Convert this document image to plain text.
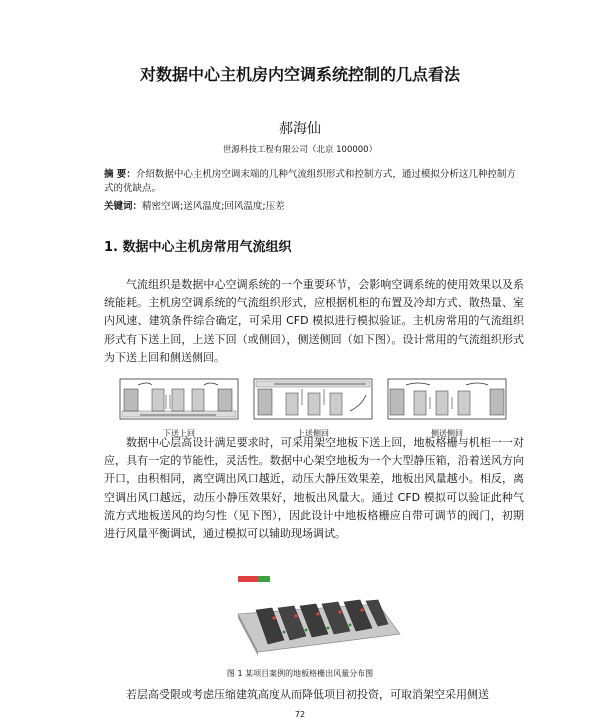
对数据中心主机房内空调系统控制的几点看法
郝海仙
世源科技工程有限公司（北京 100000）
摘 要：介绍数据中心主机房空调末端的几种气流组织形式和控制方式，通过模拟分析这几种控制方式的优缺点。
关键词：精密空调;送风温度;回风温度;压差
1. 数据中心主机房常用气流组织
气流组织是数据中心空调系统的一个重要环节，会影响空调系统的使用效果以及系统能耗。主机房空调系统的气流组织形式，应根据机柜的布置及冷却方式、散热量、室内风速、建筑条件综合确定，可采用 CFD 模拟进行模拟验证。主机房常用的气流组织形式有下送上回，上送下回（或侧回），侧送侧回（如下图）。设计常用的气流组织形式为下送上回和侧送侧回。
下送上回	上送侧回	侧送侧回
数据中心层高设计满足要求时，可采用架空地板下送上回，地板格栅与机柜一一对应，具有一定的节能性，灵活性。数据中心架空地板为一个大型静压箱，沿着送风方向开口，由积相同，离空调出风口越近，动压大静压效果差，地板出风量越小。相反，离空调出风口越远，动压小静压效果好，地板出风量大。通过 CFD 模拟可以验证此种气流方式地板送风的均匀性（见下图），因此设计中地板格栅应自带可调节的阀门，初期进行风量平衡调试，通过模拟可以辅助现场调试。
图 1 某项目案例的地板格栅出风量分布图
若层高受限或考虑压缩建筑高度从而降低项目初投资，可取消架空采用侧送
72
